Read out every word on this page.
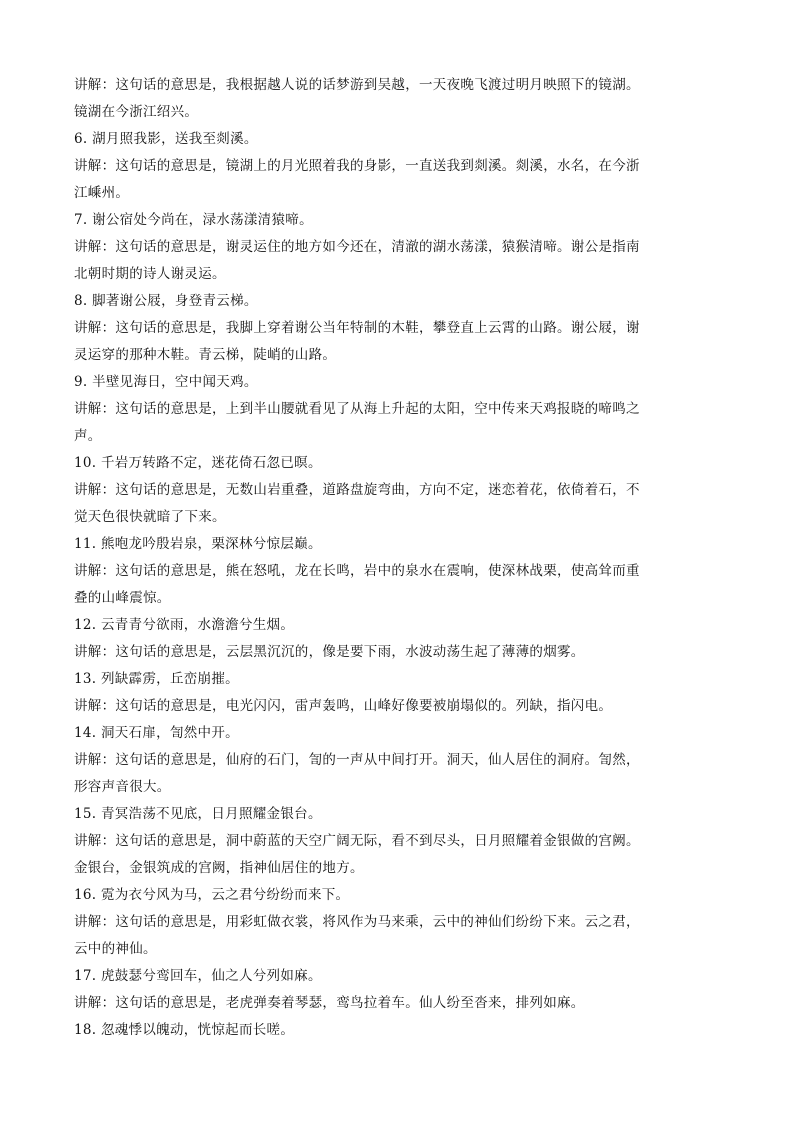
讲解：这句话的意思是，我根据越人说的话梦游到吴越，一天夜晚飞渡过明月映照下的镜湖。
镜湖在今浙江绍兴。
6. 湖月照我影，送我至剡溪。
讲解：这句话的意思是，镜湖上的月光照着我的身影，一直送我到剡溪。剡溪，水名，在今浙
江嵊州。
7. 谢公宿处今尚在，渌水荡漾清猿啼。
讲解：这句话的意思是，谢灵运住的地方如今还在，清澈的湖水荡漾，猿猴清啼。谢公是指南
北朝时期的诗人谢灵运。
8. 脚著谢公屐，身登青云梯。
讲解：这句话的意思是，我脚上穿着谢公当年特制的木鞋，攀登直上云霄的山路。谢公屐，谢
灵运穿的那种木鞋。青云梯，陡峭的山路。
9. 半壁见海日，空中闻天鸡。
讲解：这句话的意思是，上到半山腰就看见了从海上升起的太阳，空中传来天鸡报晓的啼鸣之
声。
10. 千岩万转路不定，迷花倚石忽已暝。
讲解：这句话的意思是，无数山岩重叠，道路盘旋弯曲，方向不定，迷恋着花，依倚着石，不
觉天色很快就暗了下来。
11. 熊咆龙吟殷岩泉，栗深林兮惊层巅。
讲解：这句话的意思是，熊在怒吼，龙在长鸣，岩中的泉水在震响，使深林战栗，使高耸而重
叠的山峰震惊。
12. 云青青兮欲雨，水澹澹兮生烟。
讲解：这句话的意思是，云层黑沉沉的，像是要下雨，水波动荡生起了薄薄的烟雾。
13. 列缺霹雳，丘峦崩摧。
讲解：这句话的意思是，电光闪闪，雷声轰鸣，山峰好像要被崩塌似的。列缺，指闪电。
14. 洞天石扉，訇然中开。
讲解：这句话的意思是，仙府的石门，訇的一声从中间打开。洞天，仙人居住的洞府。訇然，
形容声音很大。
15. 青冥浩荡不见底，日月照耀金银台。
讲解：这句话的意思是，洞中蔚蓝的天空广阔无际，看不到尽头，日月照耀着金银做的宫阙。
金银台，金银筑成的宫阙，指神仙居住的地方。
16. 霓为衣兮风为马，云之君兮纷纷而来下。
讲解：这句话的意思是，用彩虹做衣裳，将风作为马来乘，云中的神仙们纷纷下来。云之君，
云中的神仙。
17. 虎鼓瑟兮鸾回车，仙之人兮列如麻。
讲解：这句话的意思是，老虎弹奏着琴瑟，鸾鸟拉着车。仙人纷至沓来，排列如麻。
18. 忽魂悸以魄动，恍惊起而长嗟。
